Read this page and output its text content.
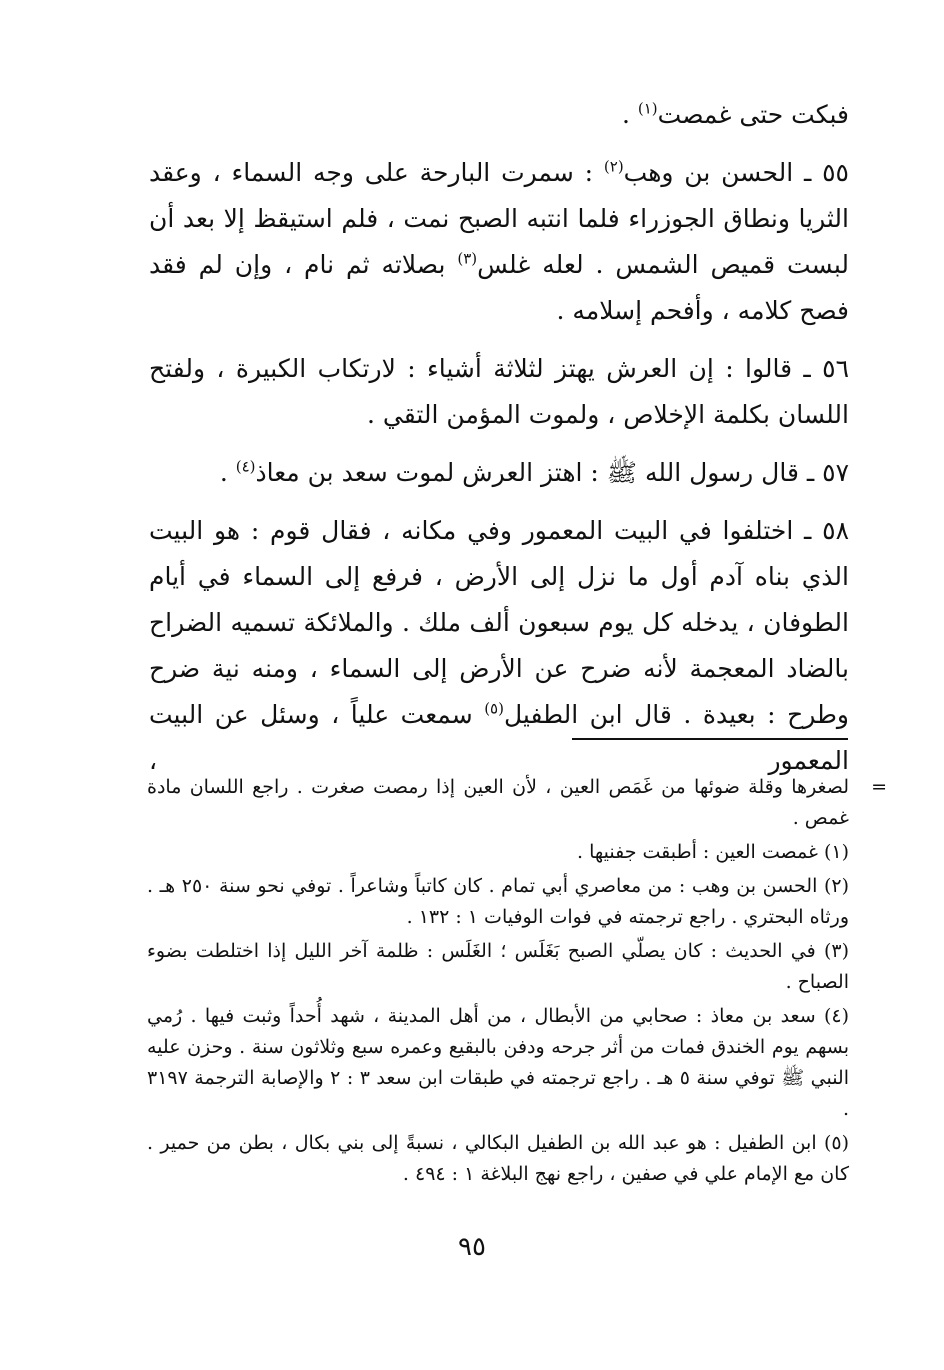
فبكت حتى غمصت$^{(١)}$ .

٥٥ ـ الحسن بن وهب$^{(٢)}$ : سمرت البارحة على وجه السماء ، وعقد الثريا ونطاق الجوزراء فلما انتبه الصبح نمت ، فلم استيقظ إلا بعد أن لبست قميص الشمس . لعله غلس$^{(٣)}$ بصلاته ثم نام ، وإن لم فقد فصح كلامه ، وأفحم إسلامه .

٥٦ ـ قالوا : إن العرش يهتز لثلاثة أشياء : لارتكاب الكبيرة ، ولفتح اللسان بكلمة الإخلاص ، ولموت المؤمن التقي .

٥٧ ـ قال رسول الله ﷺ : اهتز العرش لموت سعد بن معاذ$^{(٤)}$ .

٥٨ ـ اختلفوا في البيت المعمور وفي مكانه ، فقال قوم : هو البيت الذي بناه آدم أول ما نزل إلى الأرض ، فرفع إلى السماء في أيام الطوفان ، يدخله كل يوم سبعون ألف ملك . والملائكة تسميه الضراح بالضاد المعجمة لأنه ضرح عن الأرض إلى السماء ، ومنه نية ضرح وطرح : بعيدة . قال ابن الطفيل$^{(٥)}$ سمعت علياً ، وسئل عن البيت المعمور ،

=
لصغرها وقلة ضوئها من غَمَص العين ، لأن العين إذا رمصت صغرت . راجع اللسان مادة غمص .

(١) غمصت العين : أطبقت جفنيها .

(٢) الحسن بن وهب : من معاصري أبي تمام . كان كاتباً وشاعراً . توفي نحو سنة ٢٥٠ هـ . ورثاه البحتري . راجع ترجمته في فوات الوفيات ١ : ١٣٢ .

(٣) في الحديث : كان يصلّي الصبح بَغَلَس ؛ الغَلَس : ظلمة آخر الليل إذا اختلطت بضوء الصباح .

(٤) سعد بن معاذ : صحابي من الأبطال ، من أهل المدينة ، شهد أُحداً وثبت فيها . رُمي بسهم يوم الخندق فمات من أثر جرحه ودفن بالبقيع وعمره سبع وثلاثون سنة . وحزن عليه النبي ﷺ توفي سنة ٥ هـ . راجع ترجمته في طبقات ابن سعد ٣ : ٢ والإصابة الترجمة ٣١٩٧ .

(٥) ابن الطفيل : هو عبد الله بن الطفيل البكالي ، نسبةً إلى بني بكال ، بطن من حمير . كان مع الإمام علي في صفين ، راجع نهج البلاغة ١ : ٤٩٤ .

٩٥
